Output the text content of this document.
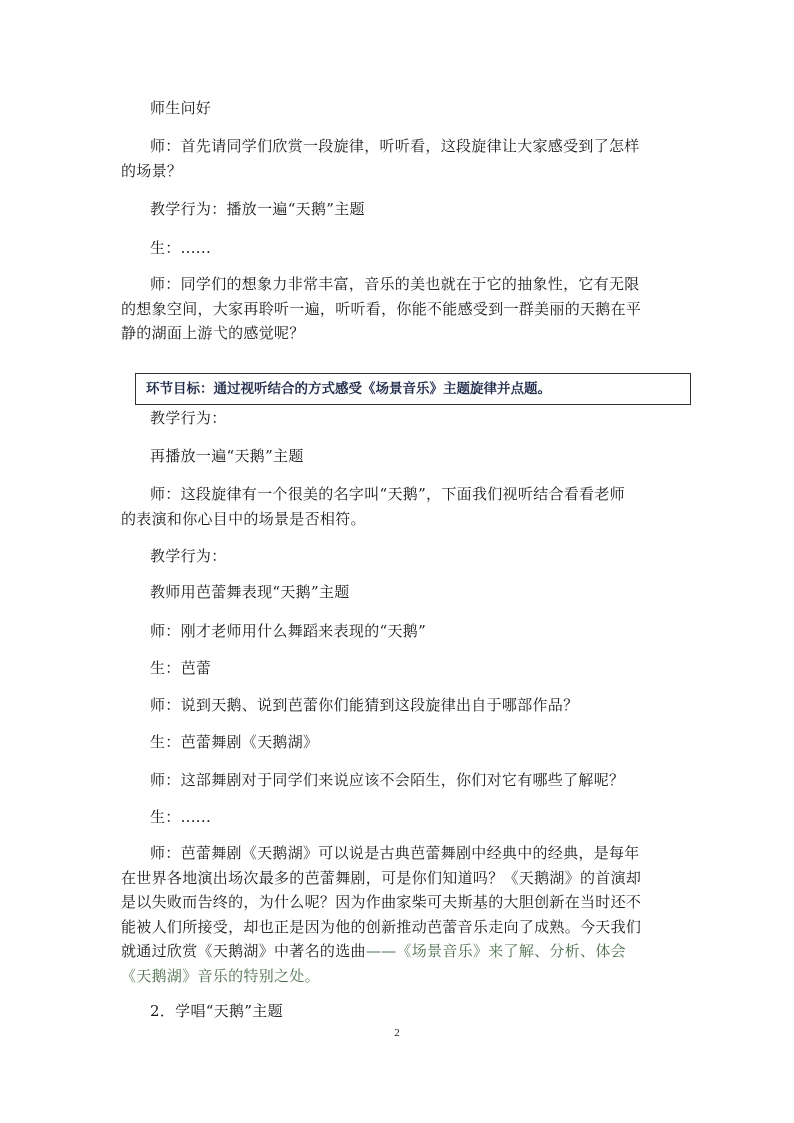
师生问好
师：首先请同学们欣赏一段旋律，听听看，这段旋律让大家感受到了怎样
的场景？
教学行为：播放一遍“天鹅”主题
生：......
师：同学们的想象力非常丰富，音乐的美也就在于它的抽象性，它有无限
的想象空间，大家再聆听一遍，听听看，你能不能感受到一群美丽的天鹅在平
静的湖面上游弋的感觉呢？
环节目标：通过视听结合的方式感受《场景音乐》主题旋律并点题。
教学行为：
再播放一遍“天鹅”主题
师：这段旋律有一个很美的名字叫“天鹅”，下面我们视听结合看看老师
的表演和你心目中的场景是否相符。
教学行为：
教师用芭蕾舞表现“天鹅”主题
师：刚才老师用什么舞蹈来表现的“天鹅”
生：芭蕾
师：说到天鹅、说到芭蕾你们能猜到这段旋律出自于哪部作品？
生：芭蕾舞剧《天鹅湖》
师：这部舞剧对于同学们来说应该不会陌生，你们对它有哪些了解呢？
生：......
师：芭蕾舞剧《天鹅湖》可以说是古典芭蕾舞剧中经典中的经典，是每年
在世界各地演出场次最多的芭蕾舞剧，可是你们知道吗？《天鹅湖》的首演却
是以失败而告终的，为什么呢？因为作曲家柴可夫斯基的大胆创新在当时还不
能被人们所接受，却也正是因为他的创新推动芭蕾音乐走向了成熟。今天我们
就通过欣赏《天鹅湖》中著名的选曲——《场景音乐》来了解、分析、体会
《天鹅湖》音乐的特别之处。
2．学唱“天鹅”主题
2
